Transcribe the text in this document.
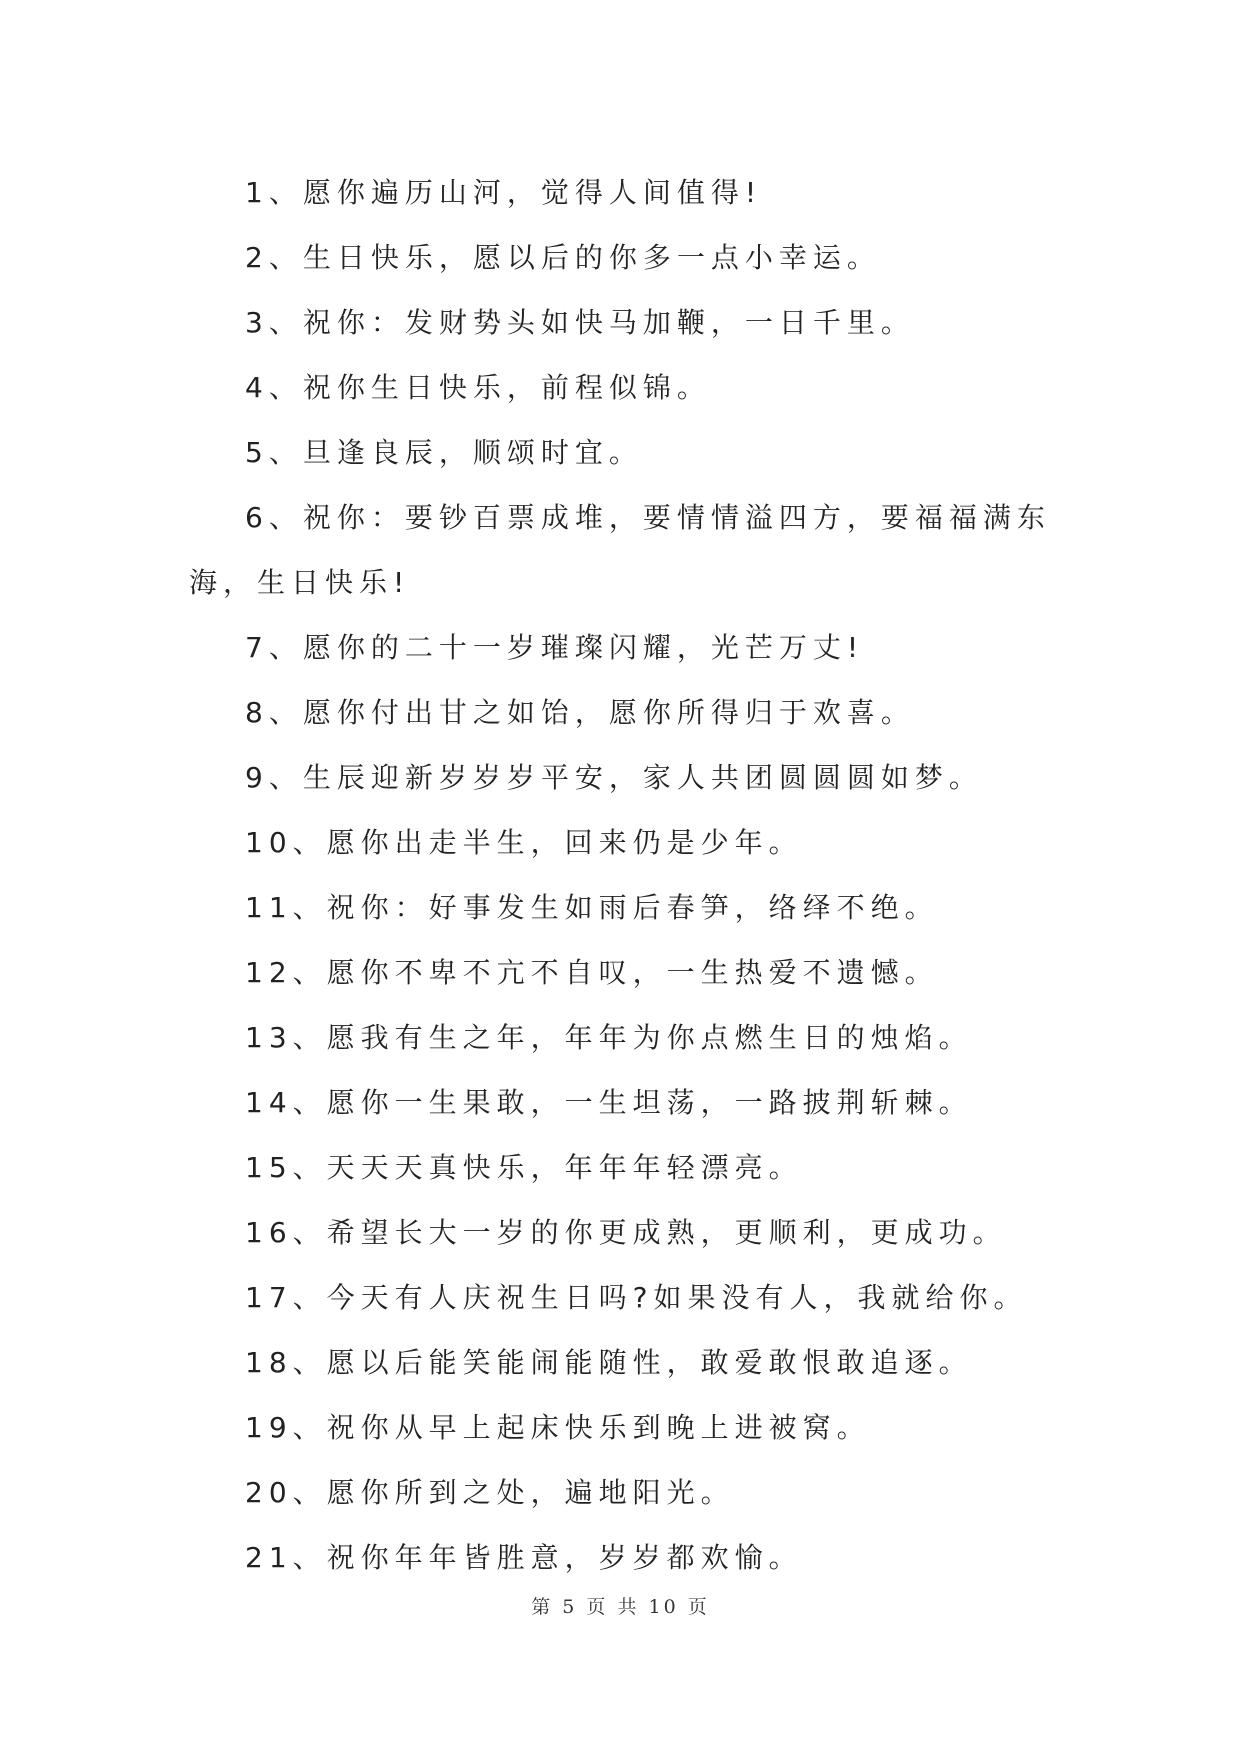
1、愿你遍历山河，觉得人间值得!

2、生日快乐，愿以后的你多一点小幸运。

3、祝你：发财势头如快马加鞭，一日千里。

4、祝你生日快乐，前程似锦。

5、旦逢良辰，顺颂时宜。

6、祝你：要钞百票成堆，要情情溢四方，要福福满东海，生日快乐!

7、愿你的二十一岁璀璨闪耀，光芒万丈!

8、愿你付出甘之如饴，愿你所得归于欢喜。

9、生辰迎新岁岁岁平安，家人共团圆圆圆如梦。

10、愿你出走半生，回来仍是少年。

11、祝你：好事发生如雨后春笋，络绎不绝。

12、愿你不卑不亢不自叹，一生热爱不遗憾。

13、愿我有生之年，年年为你点燃生日的烛焰。

14、愿你一生果敢，一生坦荡，一路披荆斩棘。

15、天天天真快乐，年年年轻漂亮。

16、希望长大一岁的你更成熟，更顺利，更成功。

17、今天有人庆祝生日吗?如果没有人，我就给你。

18、愿以后能笑能闹能随性，敢爱敢恨敢追逐。

19、祝你从早上起床快乐到晚上进被窝。

20、愿你所到之处，遍地阳光。

21、祝你年年皆胜意，岁岁都欢愉。

第 5 页 共 10 页
